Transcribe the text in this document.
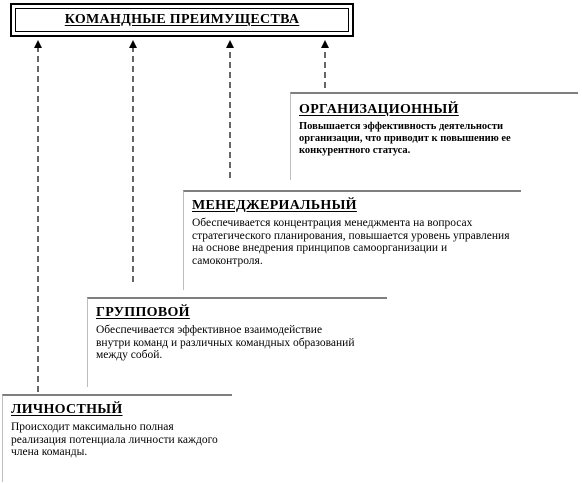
КОМАНДНЫЕ ПРЕИМУЩЕСТВА
ОРГАНИЗАЦИОННЫЙ
Повышается эффективность деятельности организации, что приводит к повышению ее конкурентного статуса.
МЕНЕДЖЕРИАЛЬНЫЙ
Обеспечивается концентрация менеджмента на вопросах стратегического планирования, повышается уровень управления на основе внедрения принципов самоорганизации и самоконтроля.
ГРУППОВОЙ
Обеспечивается эффективное взаимодействие внутри команд и различных командных образований между собой.
ЛИЧНОСТНЫЙ
Происходит максимально полная реализация потенциала личности каждого члена команды.
